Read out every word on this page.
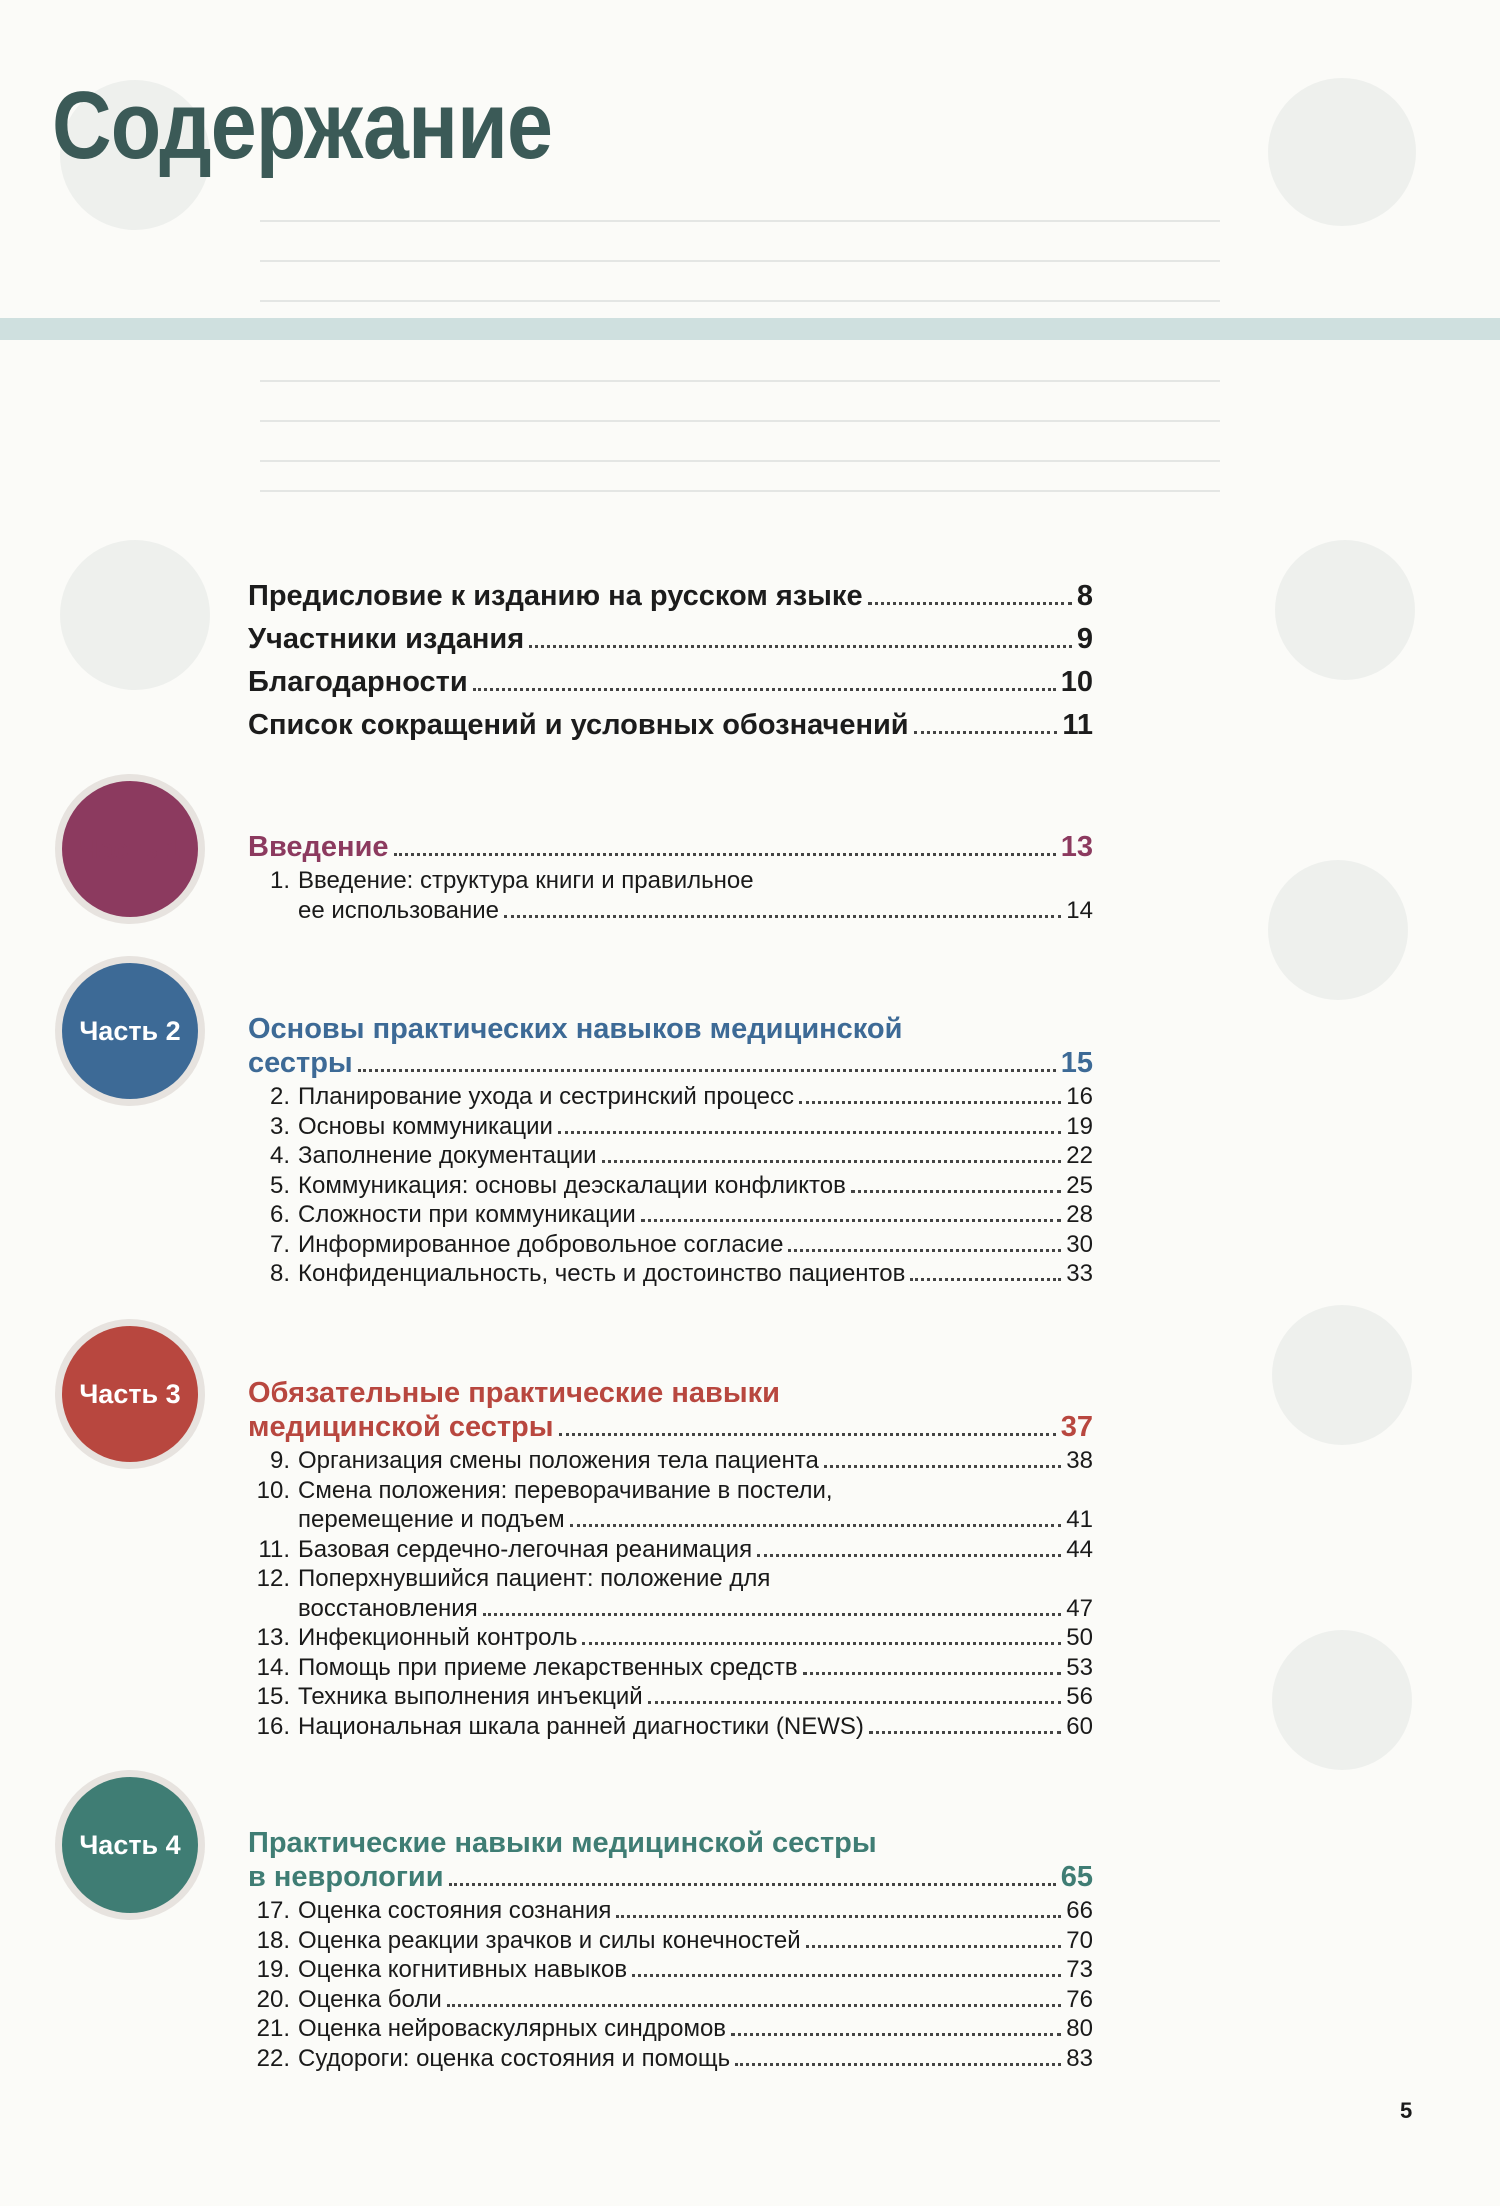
Содержание
Предисловие к изданию на русском языке	8
Участники издания	9
Благодарности	10
Список сокращений и условных обозначений	11
Часть 1 Введение	13
1. Введение: структура книги и правильное
ее использование	14
Часть 2 Основы практических навыков медицинской
сестры	15
2. Планирование ухода и сестринский процесс	16
3. Основы коммуникации	19
4. Заполнение документации	22
5. Коммуникация: основы деэскалации конфликтов	25
6. Сложности при коммуникации	28
7. Информированное добровольное согласие	30
8. Конфиденциальность, честь и достоинство пациентов	33
Часть 3 Обязательные практические навыки
медицинской сестры	37
9. Организация смены положения тела пациента	38
10. Смена положения: переворачивание в постели,
перемещение и подъем	41
11. Базовая сердечно-легочная реанимация	44
12. Поперхнувшийся пациент: положение для
восстановления	47
13. Инфекционный контроль	50
14. Помощь при приеме лекарственных средств	53
15. Техника выполнения инъекций	56
16. Национальная шкала ранней диагностики (NEWS)	60
Часть 4 Практические навыки медицинской сестры
в неврологии	65
17. Оценка состояния сознания	66
18. Оценка реакции зрачков и силы конечностей	70
19. Оценка когнитивных навыков	73
20. Оценка боли	76
21. Оценка нейроваскулярных синдромов	80
22. Судороги: оценка состояния и помощь	83
5
